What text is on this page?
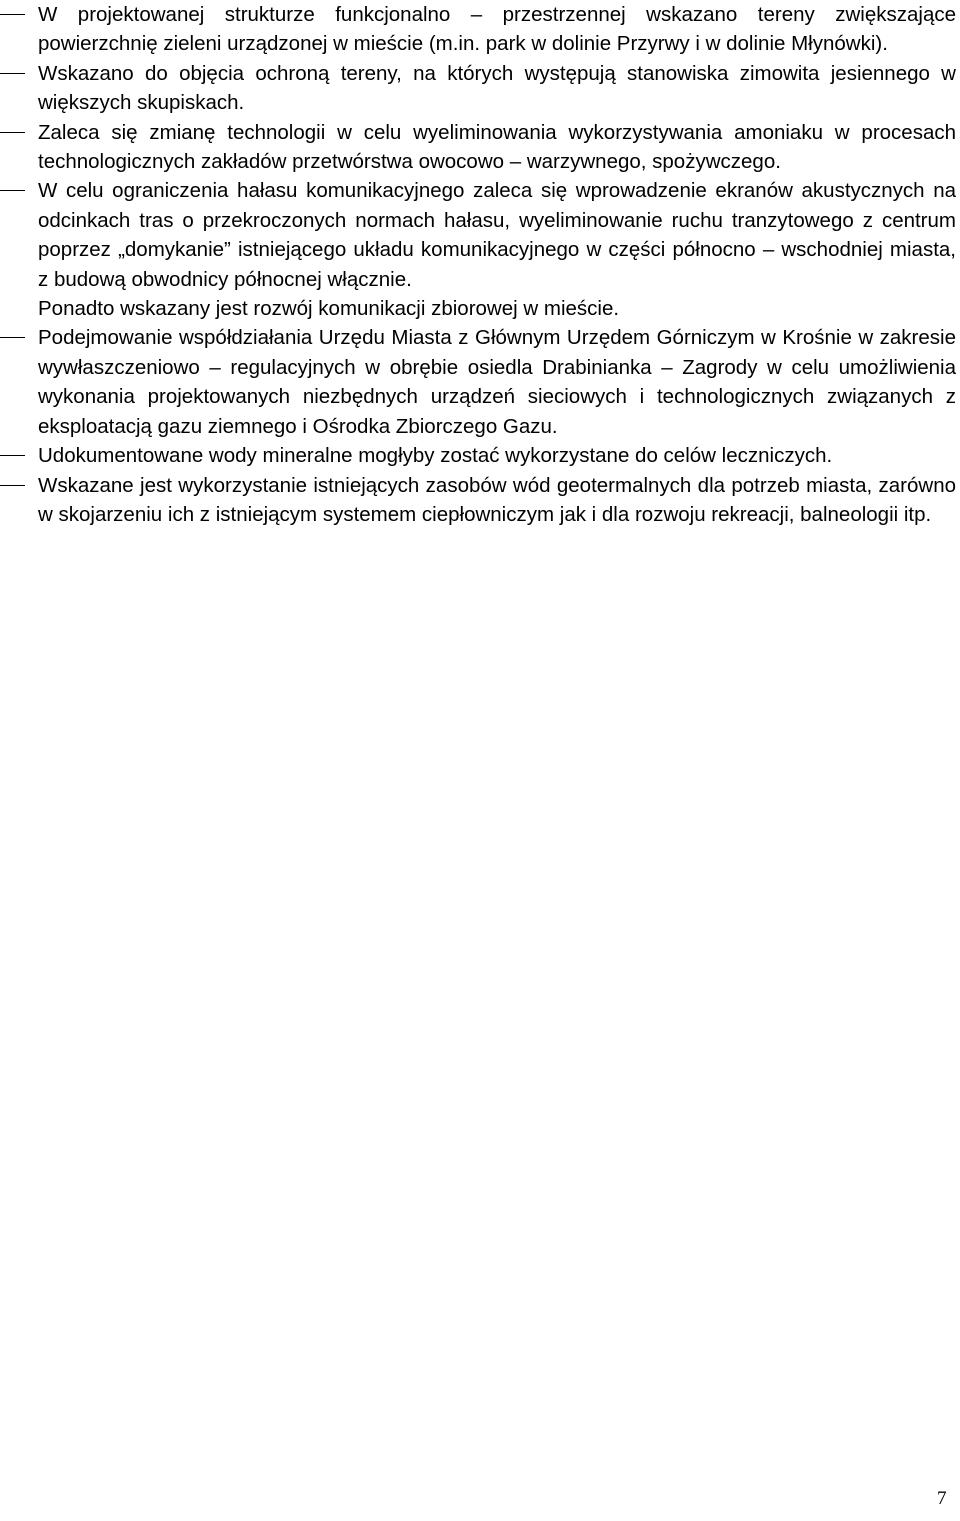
W projektowanej strukturze funkcjonalno – przestrzennej wskazano tereny zwiększające powierzchnię zieleni urządzonej w mieście (m.in. park w dolinie Przyrwy i w dolinie Młynówki).
Wskazano do objęcia ochroną tereny, na których występują stanowiska zimowita jesiennego w większych skupiskach.
Zaleca się zmianę technologii w celu wyeliminowania wykorzystywania amoniaku w procesach technologicznych zakładów przetwórstwa owocowo – warzywnego, spożywczego.
W celu ograniczenia hałasu komunikacyjnego zaleca się wprowadzenie ekranów akustycznych na odcinkach tras o przekroczonych normach hałasu, wyeliminowanie ruchu tranzytowego z centrum poprzez „domykanie” istniejącego układu komunikacyjnego w części północno – wschodniej miasta, z budową obwodnicy północnej włącznie.
Ponadto wskazany jest rozwój komunikacji zbiorowej w mieście.
Podejmowanie współdziałania Urzędu Miasta z Głównym Urzędem Górniczym w Krośnie w zakresie wywłaszczeniowo – regulacyjnych w obrębie osiedla Drabinianka – Zagrody w celu umożliwienia wykonania projektowanych niezbędnych urządzeń sieciowych i technologicznych związanych z eksploatacją gazu ziemnego i Ośrodka Zbiorczego Gazu.
Udokumentowane wody mineralne mogłyby zostać wykorzystane do celów leczniczych.
Wskazane jest wykorzystanie istniejących zasobów wód geotermalnych dla potrzeb miasta, zarówno w skojarzeniu ich z istniejącym systemem ciepłowniczym jak i dla rozwoju rekreacji, balneologii itp.
7
